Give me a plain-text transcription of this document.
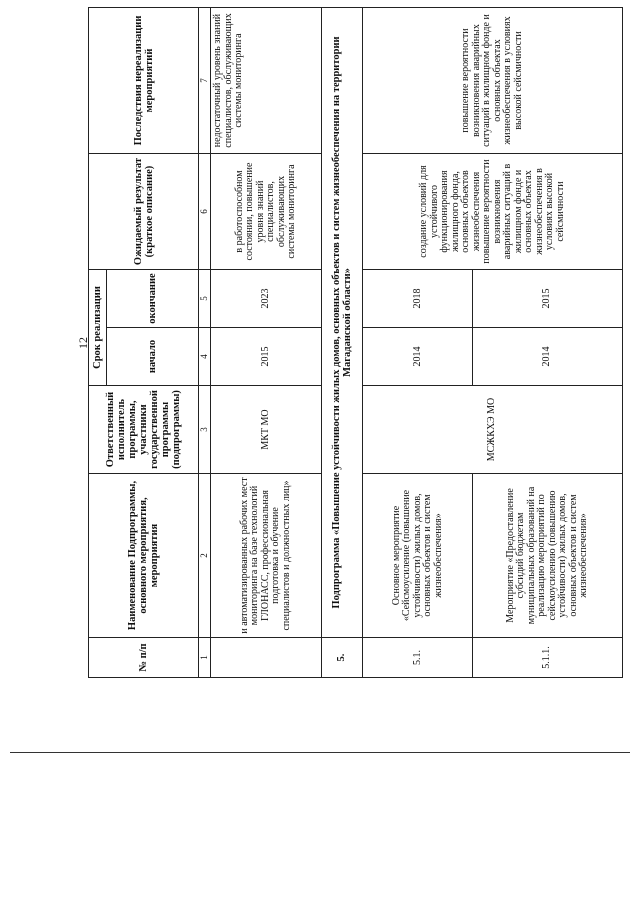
12
№ п/п	Наименование Подпрограммы, основного мероприятия, мероприятия	Ответственный исполнитель программы, участники государственной программы (подпрограммы)	Срок реализации		Ожидаемый результат (краткое описание)	Последствия нереализации мероприятий
			начало	окончание		
1	2	3	4	5	6	7
	и автоматизированных рабочих мест мониторинга на базе технологий ГЛОНАСС, профессиональная подготовка и обучение специалистов и должностных лиц»	МКТ МО	2015	2023	в работоспособном состоянии, повышение уровня знаний специалистов, обслуживающих системы мониторинга	недостаточный уровень знаний специалистов, обслуживающих системы мониторинга
5.	Подпрограмма «Повышение устойчивости жилых домов, основных объектов и систем жизнеобеспечения на территории Магаданской области»					
5.1.	Основное мероприятие «Сейсмоусиление (повышение устойчивости) жилых домов, основных объектов и систем жизнеобеспечения»	МСЖКХЭ МО	2014	2018	создание условий для устойчивого функционирования жилищного фонда, основных объектов жизнеобеспечения повышение вероятности возникновения аварийных ситуаций в жилищном фонде и основных объектах жизнеобеспечения в условиях высокой сейсмичности	повышение вероятности возникновения аварийных ситуаций в жилищном фонде и основных объектах жизнеобеспечения в условиях высокой сейсмичности
5.1.1.	Мероприятие «Предоставление субсидий бюджетам муниципальных образований на реализацию мероприятий по сейсмоусилению (повышению устойчивости) жилых домов, основных объектов и систем жизнеобеспечения»		2014	2015		
